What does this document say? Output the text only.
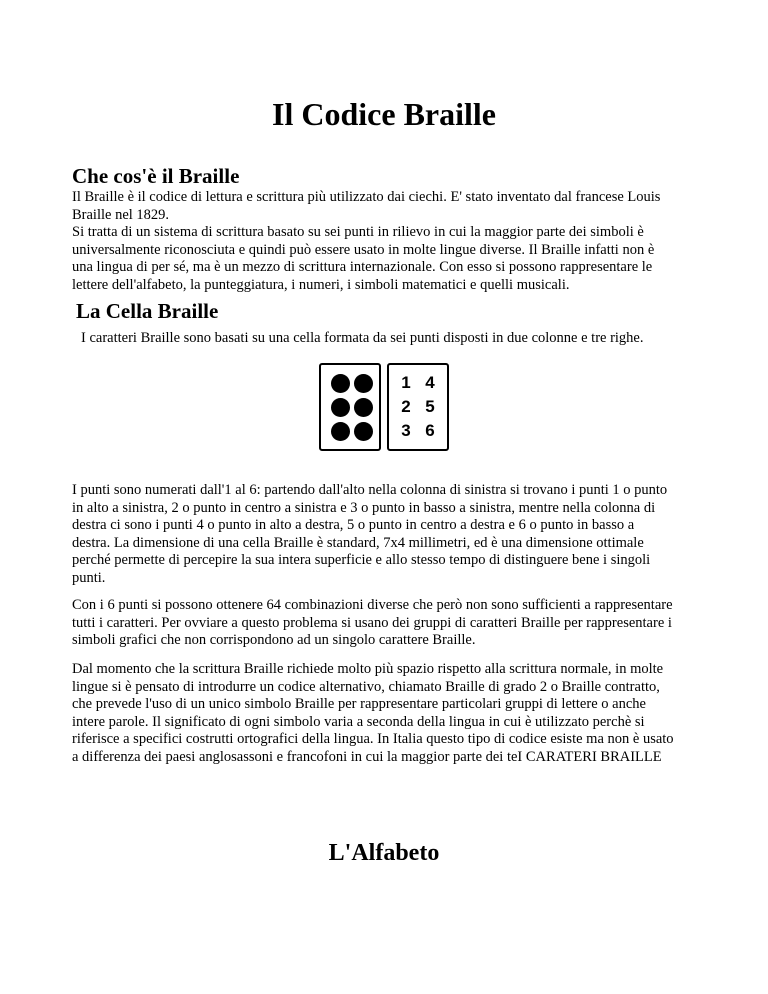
Il Codice Braille
Che cos'è il Braille

Il Braille è il codice di lettura e scrittura più utilizzato dai ciechi. E' stato inventato dal francese Louis
Braille nel 1829.
Si tratta di un sistema di scrittura basato su sei punti in rilievo in cui la maggior parte dei simboli è
universalmente riconosciuta e quindi può essere usato in molte lingue diverse. Il Braille infatti non è
una lingua di per sé, ma è un mezzo di scrittura internazionale. Con esso si possono rappresentare le
lettere dell'alfabeto, la punteggiatura, i numeri, i simboli matematici e quelli musicali.

La Cella Braille

I caratteri Braille sono basati su una cella formata da sei punti disposti in due colonne e tre righe.

1 4
2 5
3 6

I punti sono numerati dall'1 al 6: partendo dall'alto nella colonna di sinistra si trovano i punti 1 o punto
in alto a sinistra, 2 o punto in centro a sinistra e 3 o punto in basso a sinistra, mentre nella colonna di
destra ci sono i punti 4 o punto in alto a destra, 5 o punto in centro a destra e 6 o punto in basso a
destra. La dimensione di una cella Braille è standard, 7x4 millimetri, ed è una dimensione ottimale
perché permette di percepire la sua intera superficie e allo stesso tempo di distinguere bene i singoli
punti.

Con i 6 punti si possono ottenere 64 combinazioni diverse che però non sono sufficienti a rappresentare
tutti i caratteri. Per ovviare a questo problema si usano dei gruppi di caratteri Braille per rappresentare i
simboli grafici che non corrispondono ad un singolo carattere Braille.

Dal momento che la scrittura Braille richiede molto più spazio rispetto alla scrittura normale, in molte
lingue si è pensato di introdurre un codice alternativo, chiamato Braille di grado 2 o Braille contratto,
che prevede l'uso di un unico simbolo Braille per rappresentare particolari gruppi di lettere o anche
intere parole. Il significato di ogni simbolo varia a seconda della lingua in cui è utilizzato perchè si
riferisce a specifici costrutti ortografici della lingua. In Italia questo tipo di codice esiste ma non è usato
a differenza dei paesi anglosassoni e francofoni in cui la maggior parte dei teI CARATERI BRAILLE

L'Alfabeto
